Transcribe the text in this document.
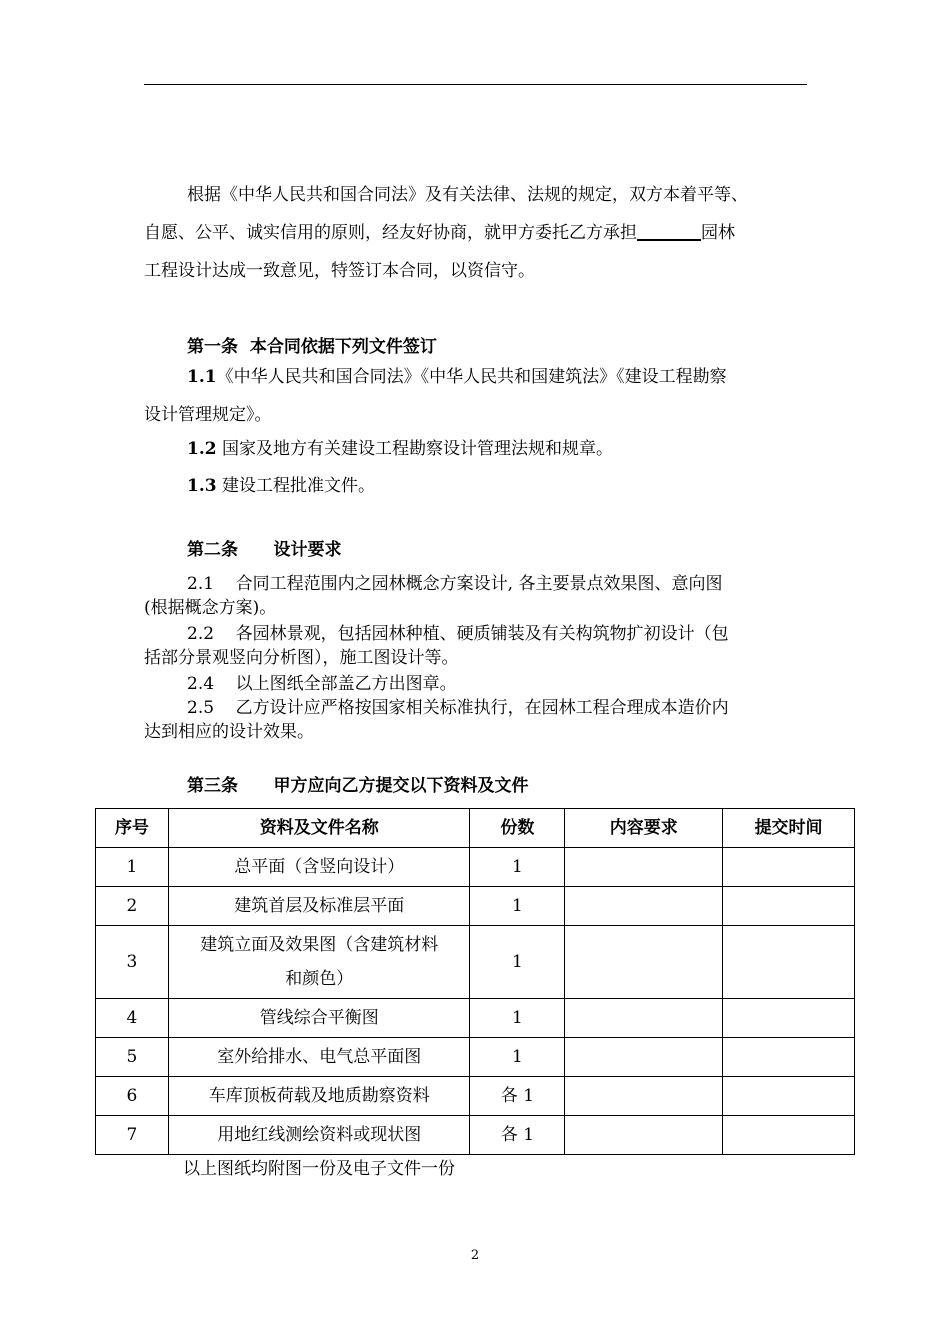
根据《中华人民共和国合同法》及有关法律、法规的规定，双方本着平等、
自愿、公平、诚实信用的原则，经友好协商，就甲方委托乙方承担	园林
工程设计达成一致意见，特签订本合同，以资信守。

第一条  本合同依据下列文件签订

1.1《中华人民共和国合同法》《中华人民共和国建筑法》《建设工程勘察
设计管理规定》。

1.2 国家及地方有关建设工程勘察设计管理法规和规章。

1.3 建设工程批准文件。

第二条      设计要求

2.1    合同工程范围内之园林概念方案设计, 各主要景点效果图、意向图
(根据概念方案)。

2.2    各园林景观，包括园林种植、硬质铺装及有关构筑物扩初设计（包
括部分景观竖向分析图），施工图设计等。

2.4    以上图纸全部盖乙方出图章。

2.5    乙方设计应严格按国家相关标准执行，在园林工程合理成本造价内
达到相应的设计效果。

第三条      甲方应向乙方提交以下资料及文件

序号	资料及文件名称	份数	内容要求	提交时间
1	总平面（含竖向设计）	1		
2	建筑首层及标准层平面	1		
3	建筑立面及效果图（含建筑材料
和颜色）	1		
4	管线综合平衡图	1		
5	室外给排水、电气总平面图	1		
6	车库顶板荷载及地质勘察资料	各 1		
7	用地红线测绘资料或现状图	各 1		

以上图纸均附图一份及电子文件一份

2
